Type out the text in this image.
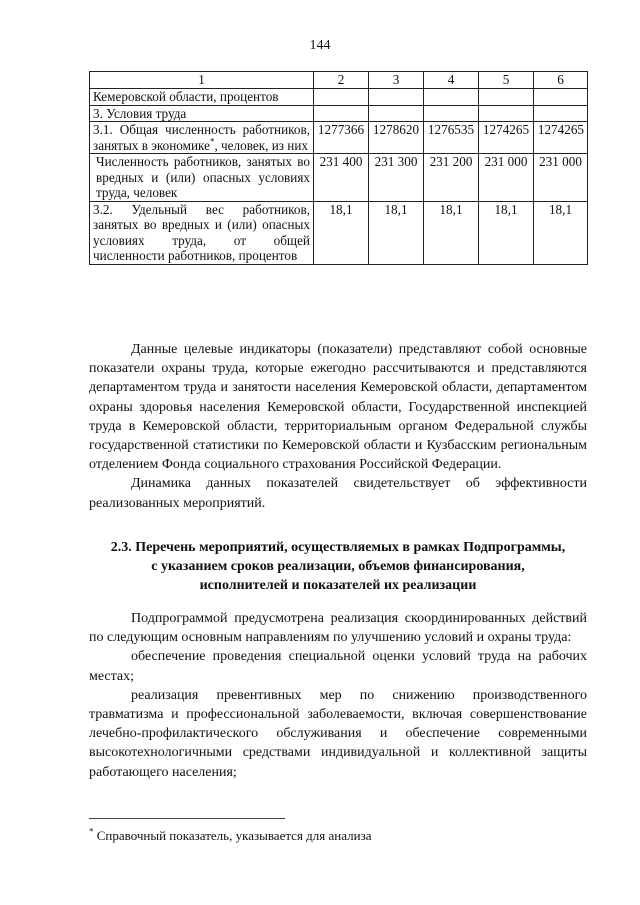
144
1	2	3	4	5	6
Кемеровской области, процентов					
3. Условия труда					
3.1. Общая численность работников, занятых в экономике*, человек, из них	1277366	1278620	1276535	1274265	1274265
Численность работников, занятых во вредных и (или) опасных условиях труда, человек	231 400	231 300	231 200	231 000	231 000
3.2. Удельный вес работников, занятых во вредных и (или) опасных условиях труда, от общей численности работников, процентов	18,1	18,1	18,1	18,1	18,1

Данные целевые индикаторы (показатели) представляют собой основные показатели охраны труда, которые ежегодно рассчитываются и представляются департаментом труда и занятости населения Кемеровской области, департаментом охраны здоровья населения Кемеровской области, Государственной инспекцией труда в Кемеровской области, территориальным органом Федеральной службы государственной статистики по Кемеровской области и Кузбасским региональным отделением Фонда социального страхования Российской Федерации.

Динамика данных показателей свидетельствует об эффективности реализованных мероприятий.

2.3. Перечень мероприятий, осуществляемых в рамках Подпрограммы,
с указанием сроков реализации, объемов финансирования,
исполнителей и показателей их реализации

Подпрограммой предусмотрена реализация скоординированных действий по следующим основным направлениям по улучшению условий и охраны труда:

обеспечение проведения специальной оценки условий труда на рабочих местах;

реализация превентивных мер по снижению производственного травматизма и профессиональной заболеваемости, включая совершенствование лечебно-профилактического обслуживания и обеспечение современными высокотехнологичными средствами индивидуальной и коллективной защиты работающего населения;

* Справочный показатель, указывается для анализа
